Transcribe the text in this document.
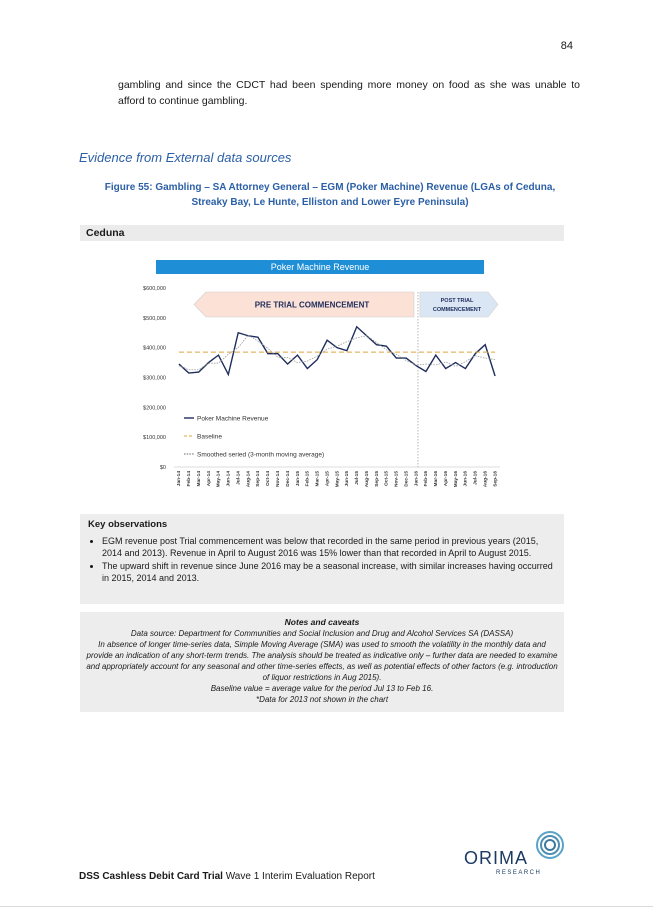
84
gambling and since the CDCT had been spending more money on food as she was unable to afford to continue gambling.
Evidence from External data sources
Figure 55: Gambling – SA Attorney General – EGM (Poker Machine) Revenue (LGAs of Ceduna, Streaky Bay, Le Hunte, Elliston and Lower Eyre Peninsula)
Ceduna
Poker Machine Revenue
$0
$100,000
$200,000
$300,000
$400,000
$500,000
$600,000
Jan-14 Feb-14 Mar-14 Apr-14 May-14 Jun-14 Jul-14 Aug-14 Sep-14 Oct-14 Nov-14 Dec-14 Jan-15 Feb-15 Mar-15 Apr-15 May-15 Jun-15 Jul-15 Aug-15 Sep-15 Oct-15 Nov-15 Dec-15 Jan-16 Feb-16 Mar-16 Apr-16 May-16 Jun-16 Jul-16 Aug-16 Sep-16
PRE TRIAL COMMENCEMENT	POST TRIAL
COMMENCEMENT
Poker Machine Revenue
Baseline
Smoothed seried (3-month moving average)
Key observations
• EGM revenue post Trial commencement was below that recorded in the same period in previous years (2015, 2014 and 2013). Revenue in April to August 2016 was 15% lower than that recorded in April to August 2015.
• The upward shift in revenue since June 2016 may be a seasonal increase, with similar increases having occurred in 2015, 2014 and 2013.
Notes and caveats
Data source: Department for Communities and Social Inclusion and Drug and Alcohol Services SA (DASSA)
In absence of longer time-series data, Simple Moving Average (SMA) was used to smooth the volatility in the monthly data and provide an indication of any short-term trends. The analysis should be treated as indicative only – further data are needed to examine and appropriately account for any seasonal and other time-series effects, as well as potential effects of other factors (e.g. introduction of liquor restrictions in Aug 2015).
Baseline value = average value for the period Jul 13 to Feb 16.
*Data for 2013 not shown in the chart
ORIMA
RESEARCH
DSS Cashless Debit Card Trial Wave 1 Interim Evaluation Report
